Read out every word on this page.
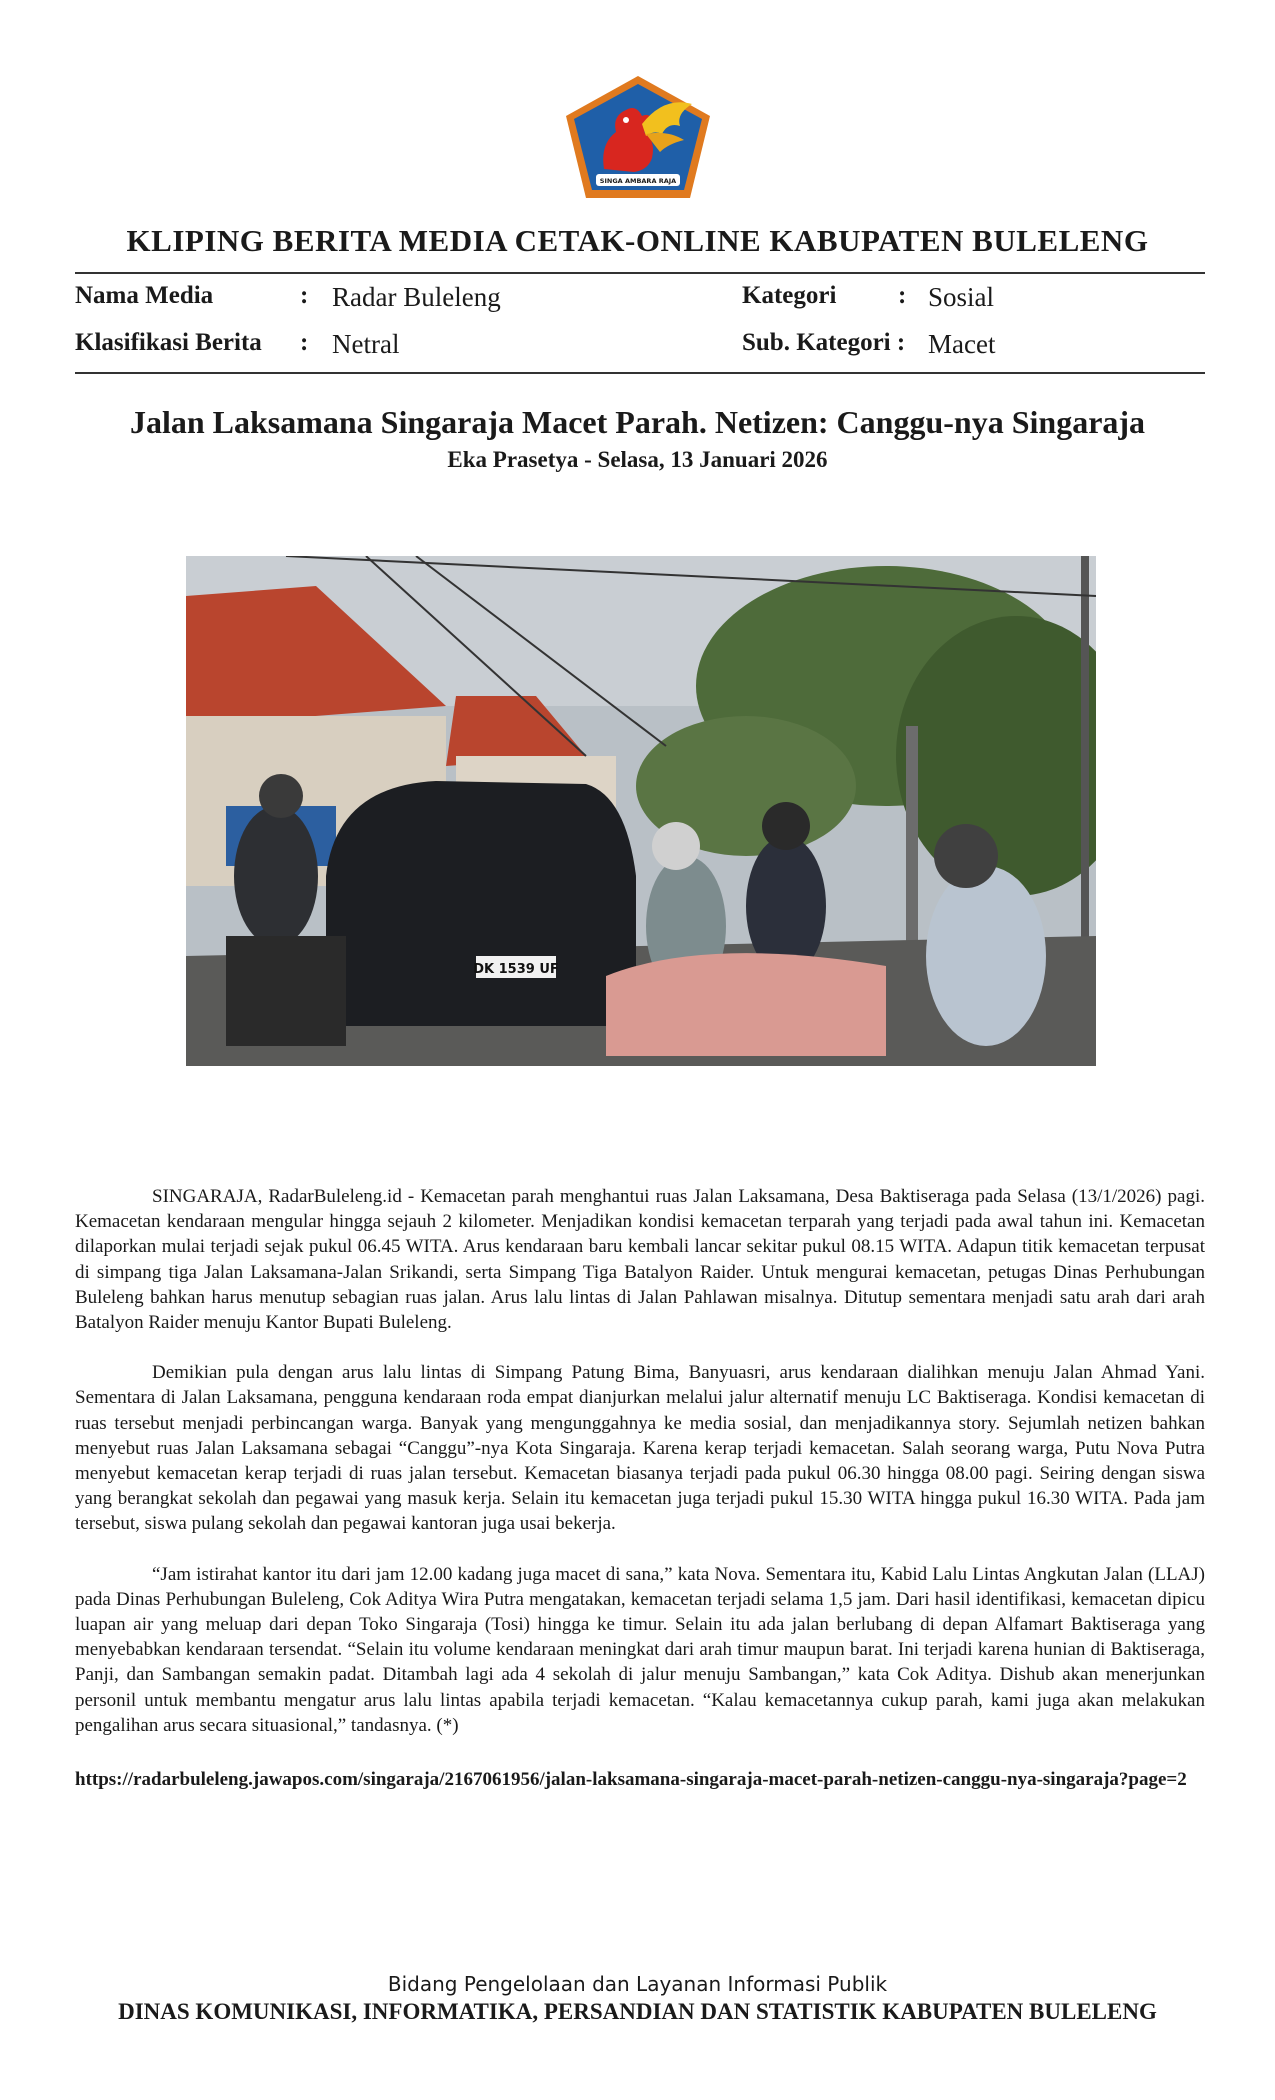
SINGA AMBARA RAJA
KLIPING BERITA MEDIA CETAK-ONLINE KABUPATEN BULELENG
Nama Media	: Radar Buleleng	Kategori : Sosial
Klasifikasi Berita : Netral	Sub. Kategori : Macet
Jalan Laksamana Singaraja Macet Parah. Netizen: Canggu-nya Singaraja
Eka Prasetya - Selasa, 13 Januari 2026
DK 1539 UF

SINGARAJA, RadarBuleleng.id - Kemacetan parah menghantui ruas Jalan Laksamana, Desa Baktiseraga pada Selasa (13/1/2026) pagi. Kemacetan kendaraan mengular hingga sejauh 2 kilometer. Menjadikan kondisi kemacetan terparah yang terjadi pada awal tahun ini. Kemacetan dilaporkan mulai terjadi sejak pukul 06.45 WITA. Arus kendaraan baru kembali lancar sekitar pukul 08.15 WITA. Adapun titik kemacetan terpusat di simpang tiga Jalan Laksamana-Jalan Srikandi, serta Simpang Tiga Batalyon Raider. Untuk mengurai kemacetan, petugas Dinas Perhubungan Buleleng bahkan harus menutup sebagian ruas jalan. Arus lalu lintas di Jalan Pahlawan misalnya. Ditutup sementara menjadi satu arah dari arah Batalyon Raider menuju Kantor Bupati Buleleng.

Demikian pula dengan arus lalu lintas di Simpang Patung Bima, Banyuasri, arus kendaraan dialihkan menuju Jalan Ahmad Yani. Sementara di Jalan Laksamana, pengguna kendaraan roda empat dianjurkan melalui jalur alternatif menuju LC Baktiseraga. Kondisi kemacetan di ruas tersebut menjadi perbincangan warga. Banyak yang mengunggahnya ke media sosial, dan menjadikannya story. Sejumlah netizen bahkan menyebut ruas Jalan Laksamana sebagai “Canggu”-nya Kota Singaraja. Karena kerap terjadi kemacetan. Salah seorang warga, Putu Nova Putra menyebut kemacetan kerap terjadi di ruas jalan tersebut. Kemacetan biasanya terjadi pada pukul 06.30 hingga 08.00 pagi. Seiring dengan siswa yang berangkat sekolah dan pegawai yang masuk kerja. Selain itu kemacetan juga terjadi pukul 15.30 WITA hingga pukul 16.30 WITA. Pada jam tersebut, siswa pulang sekolah dan pegawai kantoran juga usai bekerja.

“Jam istirahat kantor itu dari jam 12.00 kadang juga macet di sana,” kata Nova. Sementara itu, Kabid Lalu Lintas Angkutan Jalan (LLAJ) pada Dinas Perhubungan Buleleng, Cok Aditya Wira Putra mengatakan, kemacetan terjadi selama 1,5 jam. Dari hasil identifikasi, kemacetan dipicu luapan air yang meluap dari depan Toko Singaraja (Tosi) hingga ke timur. Selain itu ada jalan berlubang di depan Alfamart Baktiseraga yang menyebabkan kendaraan tersendat. “Selain itu volume kendaraan meningkat dari arah timur maupun barat. Ini terjadi karena hunian di Baktiseraga, Panji, dan Sambangan semakin padat. Ditambah lagi ada 4 sekolah di jalur menuju Sambangan,” kata Cok Aditya. Dishub akan menerjunkan personil untuk membantu mengatur arus lalu lintas apabila terjadi kemacetan. “Kalau kemacetannya cukup parah, kami juga akan melakukan pengalihan arus secara situasional,” tandasnya. (*)

https://radarbuleleng.jawapos.com/singaraja/2167061956/jalan-laksamana-singaraja-macet-parah-netizen-canggu-nya-singaraja?page=2
Bidang Pengelolaan dan Layanan Informasi Publik
DINAS KOMUNIKASI, INFORMATIKA, PERSANDIAN DAN STATISTIK KABUPATEN BULELENG
